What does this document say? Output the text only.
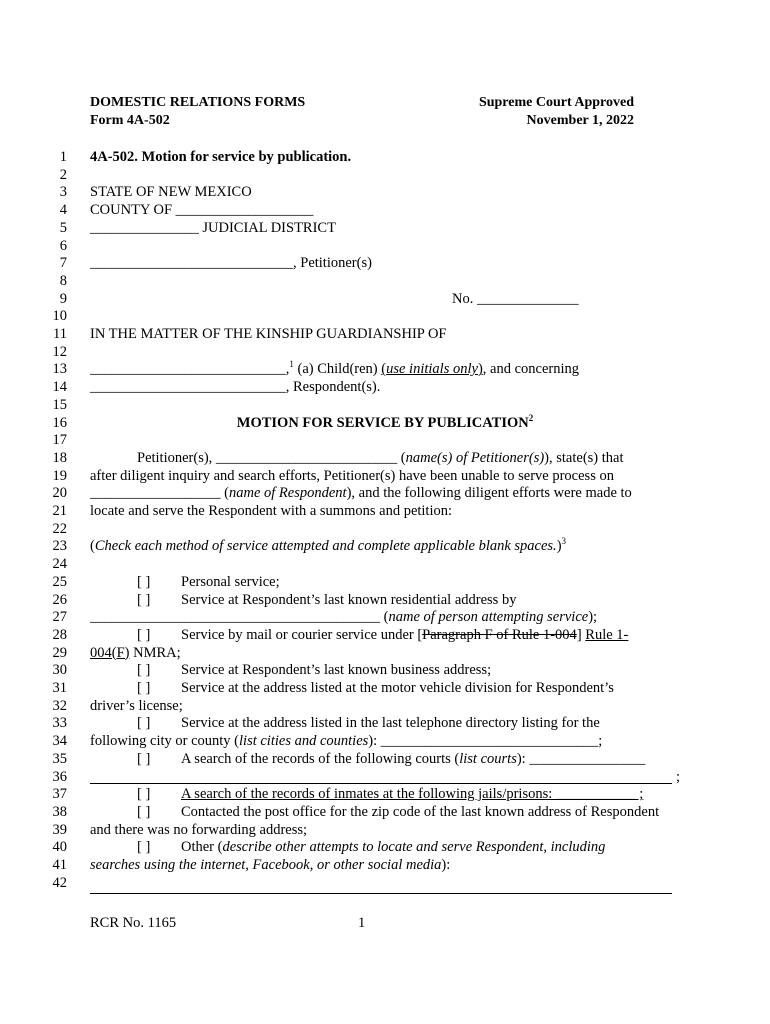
DOMESTIC RELATIONS FORMS
Form 4A-502
Supreme Court Approved
November 1, 2022
1 4A-502. Motion for service by publication.
2
3 STATE OF NEW MEXICO
4 COUNTY OF ___________________
5 _______________ JUDICIAL DISTRICT
6
7 ____________________________, Petitioner(s)
8
9	No. ______________
10
11 IN THE MATTER OF THE KINSHIP GUARDIANSHIP OF
12
13 ___________________________,$^1$ (a) Child(ren) (use initials only), and concerning
14 ___________________________, Respondent(s).
15
16	MOTION FOR SERVICE BY PUBLICATION$^2$
17
18	Petitioner(s), _________________________ (name(s) of Petitioner(s)), state(s) that
19 after diligent inquiry and search efforts, Petitioner(s) have been unable to serve process on
20 __________________ (name of Respondent), and the following diligent efforts were made to
21 locate and serve the Respondent with a summons and petition:
22
23 (Check each method of service attempted and complete applicable blank spaces.)$^3$
24
25	[ ] Personal service;
26	[ ] Service at Respondent’s last known residential address by
27 ________________________________________ (name of person attempting service);
28	[ ] Service by mail or courier service under [Paragraph F of Rule 1-004] Rule 1-
29 004(F) NMRA;
30	[ ] Service at Respondent’s last known business address;
31	[ ] Service at the address listed at the motor vehicle division for Respondent’s
32 driver’s license;
33	[ ] Service at the address listed in the last telephone directory listing for the
34 following city or county (list cities and counties): ______________________________;
35	[ ] A search of the records of the following courts (list courts): ________________
36	;
37	[ ] A search of the records of inmates at the following jails/prisons: ___________ ;
38	[ ] Contacted the post office for the zip code of the last known address of Respondent
39 and there was no forwarding address;
40	[ ] Other (describe other attempts to locate and serve Respondent, including
41 searches using the internet, Facebook, or other social media):
42
RCR No. 1165	1
